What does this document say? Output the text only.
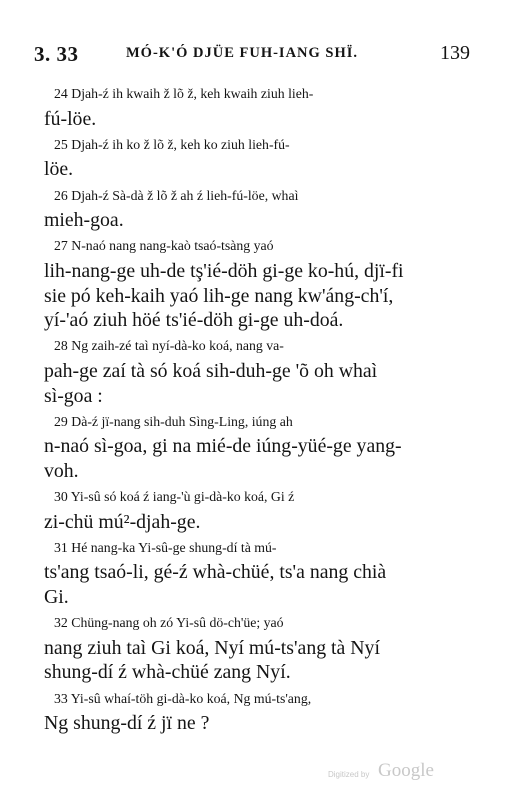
3. 33	MÓ-K'Ó DJÜE FUH-IANG SHÏ.	139
24 Djah-ź ih kwaih ž lõ ž, keh kwaih ziuh lieh-
fú-löe.
25 Djah-ź ih ko ž lõ ž, keh ko ziuh lieh-fú-
löe.
26 Djah-ź Sà-dà ž lõ ž ah ź lieh-fú-löe, whaì
mieh-goa.
27 N-naó nang nang-kaò tsaó-tsàng yaó
lih-nang-ge uh-de tş'ié-döh gi-ge ko-hú, djï-fi
sie pó keh-kaih yaó lih-ge nang kw'áng-ch'í,
yí-'aó ziuh höé ts'ié-döh gi-ge uh-doá.
28 Ng zaih-zé taì nyí-dà-ko koá, nang va-
pah-ge zaí tà só koá sih-duh-ge 'õ oh whaì
sì-goa :
29 Dà-ź jï-nang sih-duh Sìng-Ling, iúng ah
n-naó sì-goa, gi na mié-de iúng-yüé-ge yang-
voh.
30 Yi-sû só koá ź iang-'ù gi-dà-ko koá, Gi ź
zi-chü mú²-djah-ge.
31 Hé nang-ka Yi-sû-ge shung-dí tà mú-
ts'ang tsaó-li, gé-ź whà-chüé, ts'a nang chià
Gi.
32 Chüng-nang oh zó Yi-sû dö-ch'üe; yaó
nang ziuh taì Gi koá, Nyí mú-ts'ang tà Nyí
shung-dí ź whà-chüé zang Nyí.
33 Yi-sû whaí-töh gi-dà-ko koá, Ng mú-ts'ang,
Ng shung-dí ź jï ne ?
Digitized by Google
